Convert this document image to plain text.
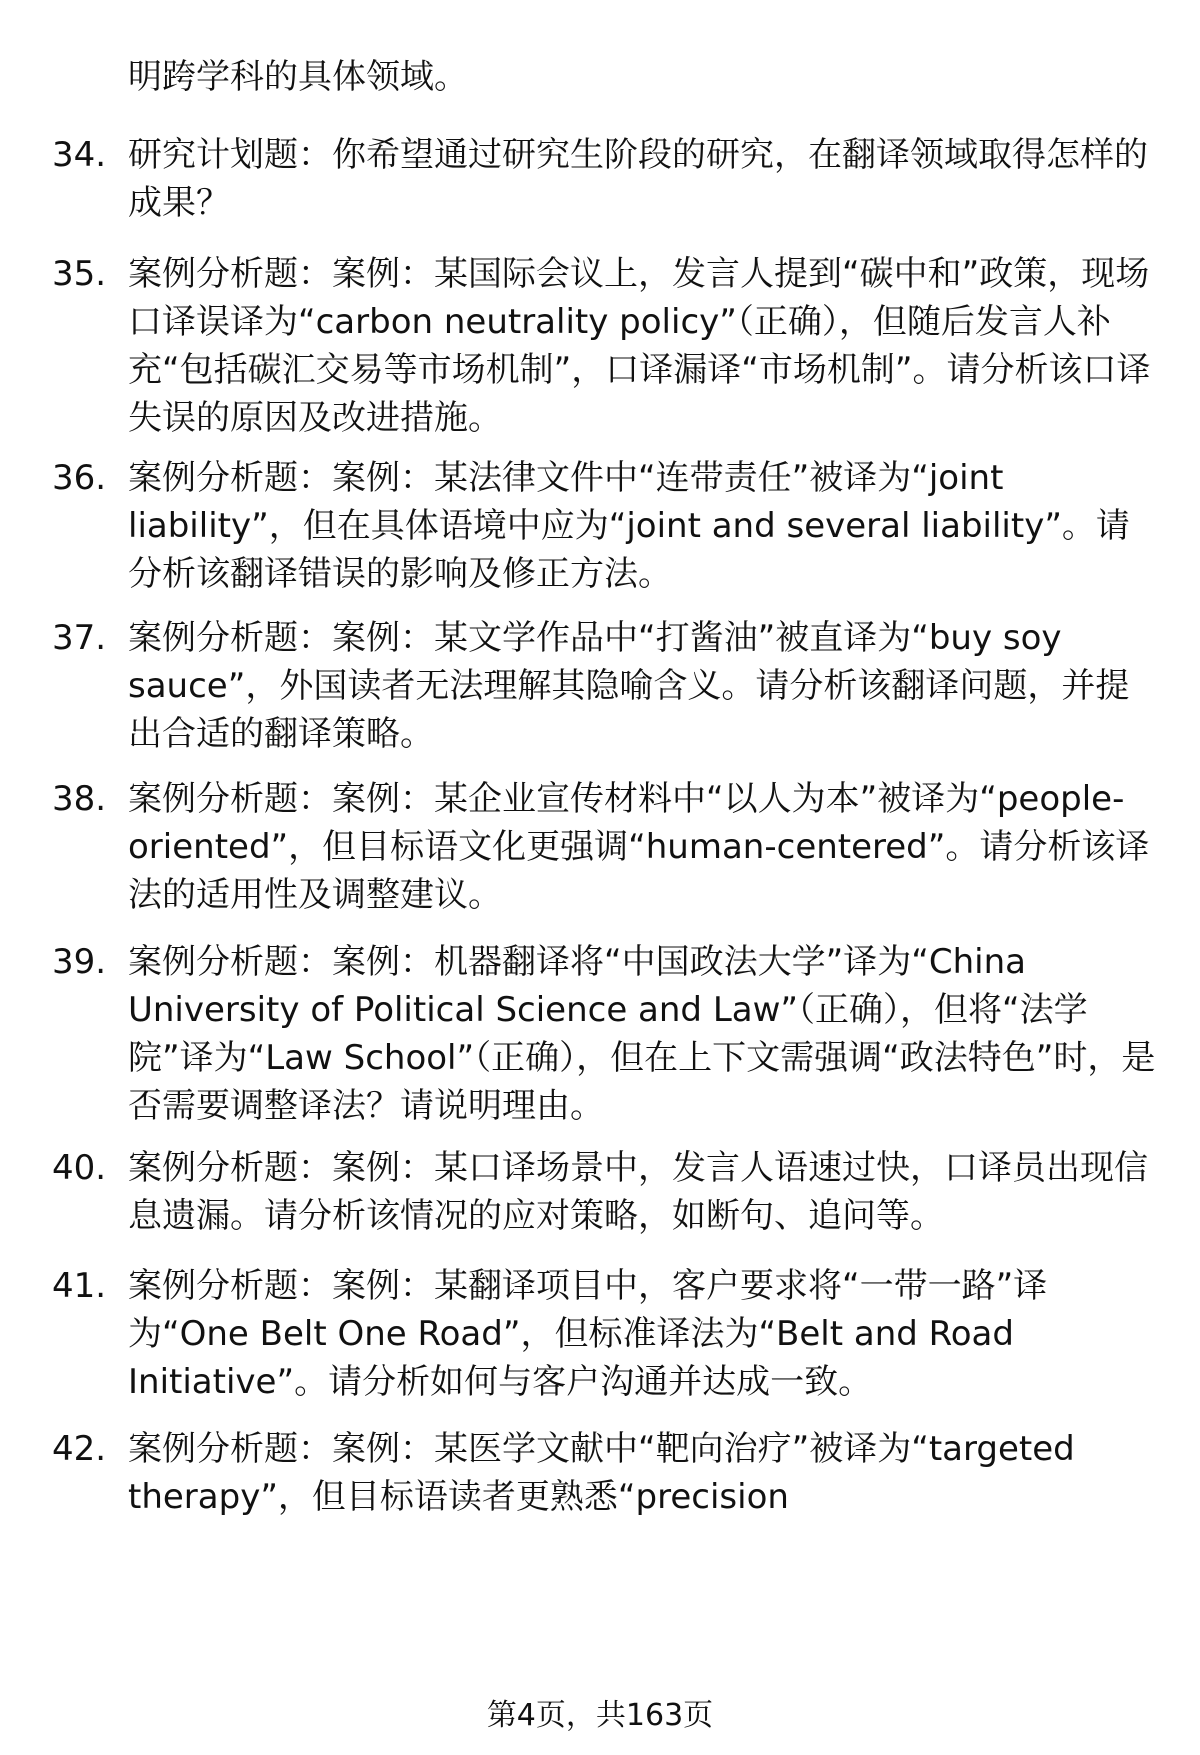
明跨学科的具体领域。
34. 研究计划题：你希望通过研究生阶段的研究，在翻译领域取得怎样的成果？
35. 案例分析题：案例：某国际会议上，发言人提到“碳中和”政策，现场口译误译为“carbon neutrality policy”（正确），但随后发言人补充“包括碳汇交易等市场机制”，口译漏译“市场机制”。请分析该口译失误的原因及改进措施。
36. 案例分析题：案例：某法律文件中“连带责任”被译为“joint liability”，但在具体语境中应为“joint and several liability”。请分析该翻译错误的影响及修正方法。
37. 案例分析题：案例：某文学作品中“打酱油”被直译为“buy soy sauce”，外国读者无法理解其隐喻含义。请分析该翻译问题，并提出合适的翻译策略。
38. 案例分析题：案例：某企业宣传材料中“以人为本”被译为“people-oriented”，但目标语文化更强调“human-centered”。请分析该译法的适用性及调整建议。
39. 案例分析题：案例：机器翻译将“中国政法大学”译为“China University of Political Science and Law”（正确），但将“法学院”译为“Law School”（正确），但在上下文需强调“政法特色”时，是否需要调整译法？请说明理由。
40. 案例分析题：案例：某口译场景中，发言人语速过快，口译员出现信息遗漏。请分析该情况的应对策略，如断句、追问等。
41. 案例分析题：案例：某翻译项目中，客户要求将“一带一路”译为“One Belt One Road”，但标准译法为“Belt and Road Initiative”。请分析如何与客户沟通并达成一致。
42. 案例分析题：案例：某医学文献中“靶向治疗”被译为“targeted therapy”，但目标语读者更熟悉“precision
第4页，共163页
